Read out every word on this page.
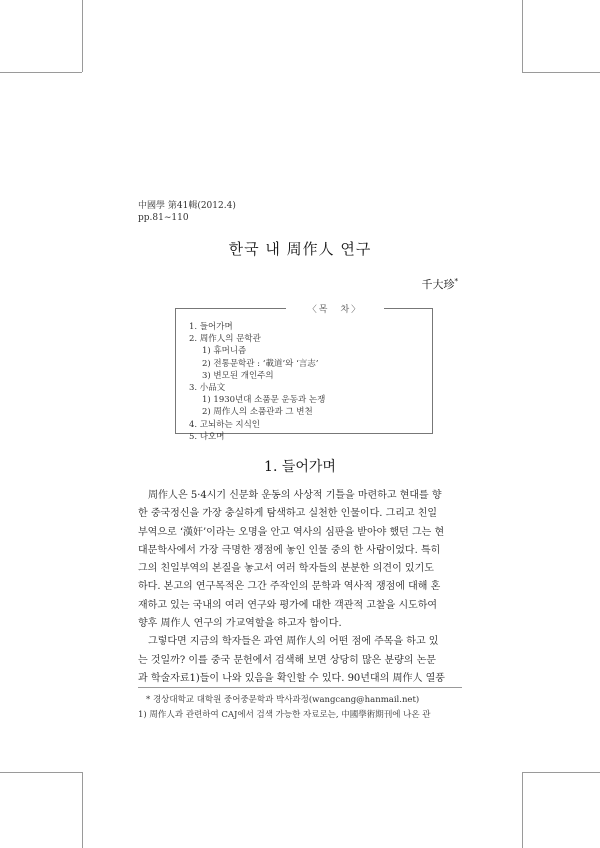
中國學 第41輯(2012.4)
pp.81∼110
한국 내 周作人 연구
千大珍*
〈목　차〉
1. 들어가며
2. 周作人의 문학관
1) 휴머니즘
2) 전통문학관 : ‘載道’와 ‘言志’
3) 변모된 개인주의
3. 小品文
1) 1930년대 소품문 운동과 논쟁
2) 周作人의 소품관과 그 변천
4. 고뇌하는 지식인
5. 나오며
1. 들어가며
周作人은 5·4시기 신문화 운동의 사상적 기틀을 마련하고 현대를 향
한 중국정신을 가장 충실하게 탐색하고 실천한 인물이다. 그리고 친일
부역으로 ‘漢奸’이라는 오명을 안고 역사의 심판을 받아야 했던 그는 현
대문학사에서 가장 극명한 쟁점에 놓인 인물 중의 한 사람이었다. 특히
그의 친일부역의 본질을 놓고서 여러 학자들의 분분한 의견이 있기도
하다. 본고의 연구목적은 그간 주작인의 문학과 역사적 쟁점에 대해 혼
재하고 있는 국내의 여러 연구와 평가에 대한 객관적 고찰을 시도하여
향후 周作人 연구의 가교역할을 하고자 함이다.
그렇다면 지금의 학자들은 과연 周作人의 어떤 점에 주목을 하고 있
는 것일까? 이를 중국 문헌에서 검색해 보면 상당히 많은 분량의 논문
과 학술자료1)들이 나와 있음을 확인할 수 있다. 90년대의 周作人 열풍
* 경상대학교 대학원 중어중문학과 박사과정(wangcang@hanmail.net)
1) 周作人과 관련하여 CAJ에서 검색 가능한 자료로는, 中國學術期刊에 나온 관
